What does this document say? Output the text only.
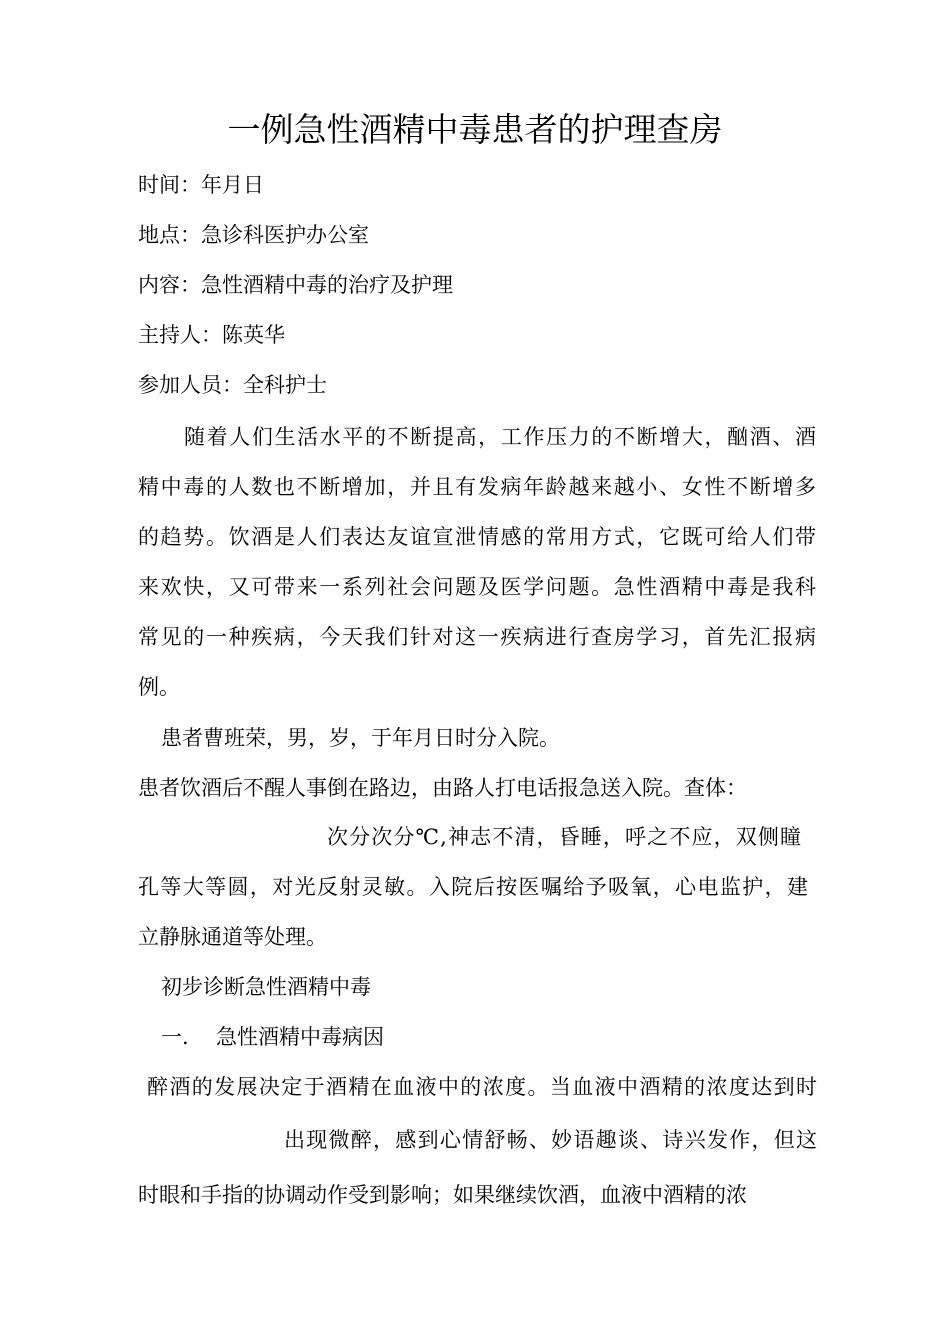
一例急性酒精中毒患者的护理查房
时间：年月日
地点：急诊科医护办公室
内容：急性酒精中毒的治疗及护理
主持人：陈英华
参加人员：全科护士
随着人们生活水平的不断提高，工作压力的不断增大，酗酒、酒
精中毒的人数也不断增加，并且有发病年龄越来越小、女性不断增多
的趋势。饮酒是人们表达友谊宣泄情感的常用方式，它既可给人们带
来欢快，又可带来一系列社会问题及医学问题。急性酒精中毒是我科
常见的一种疾病，今天我们针对这一疾病进行查房学习，首先汇报病
例。
患者曹班荣，男，岁，于年月日时分入院。
患者饮酒后不醒人事倒在路边，由路人打电话报急送入院。查体：
次分次分℃,神志不清，昏睡，呼之不应，双侧瞳
孔等大等圆，对光反射灵敏。入院后按医嘱给予吸氧，心电监护，建
立静脉通道等处理。
初步诊断急性酒精中毒
一. 急性酒精中毒病因
醉酒的发展决定于酒精在血液中的浓度。当血液中酒精的浓度达到时
出现微醉，感到心情舒畅、妙语趣谈、诗兴发作，但这
时眼和手指的协调动作受到影响；如果继续饮酒，血液中酒精的浓
